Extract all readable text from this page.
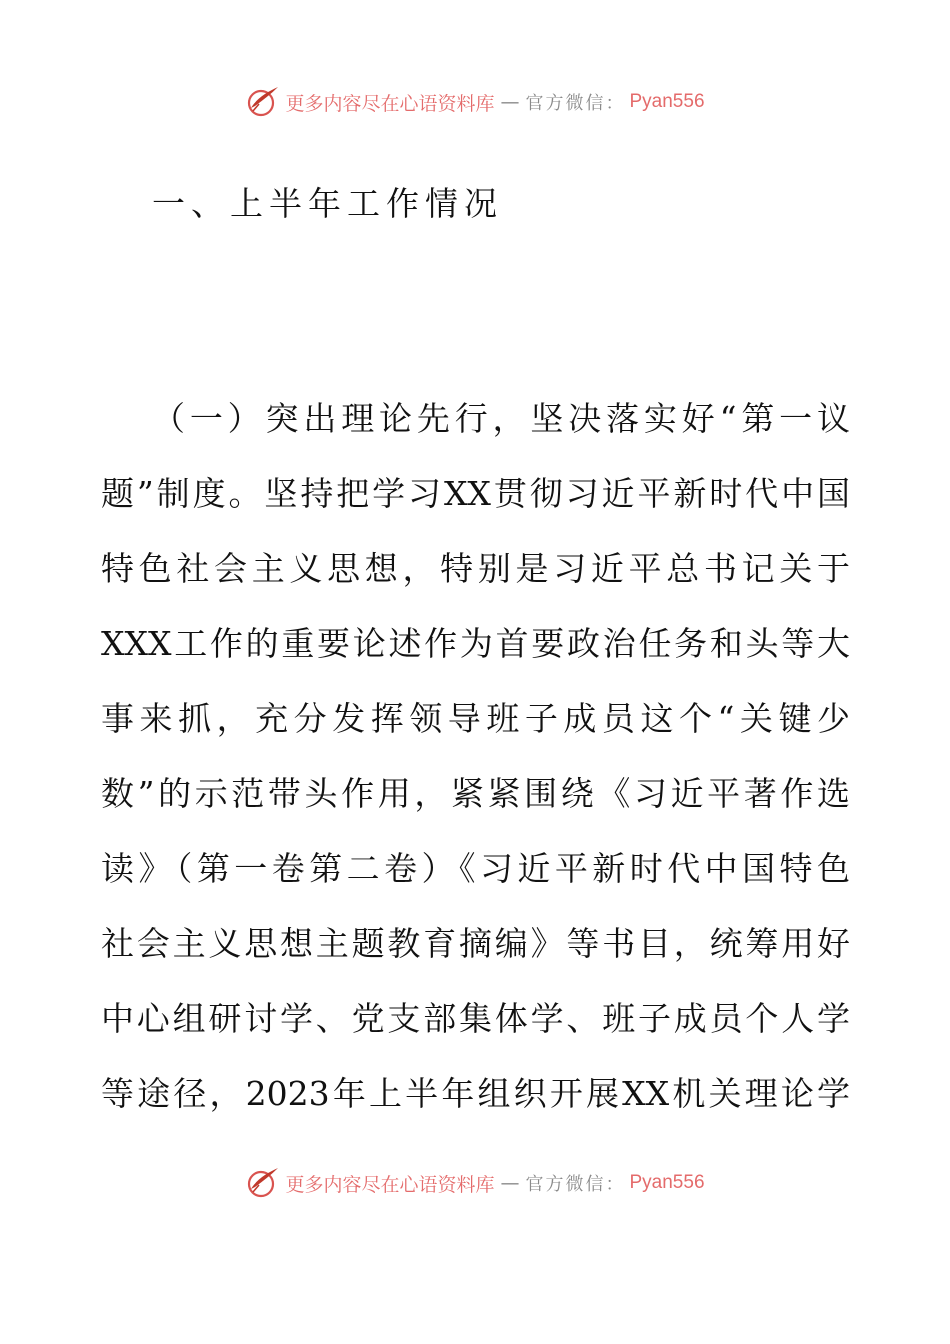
更多内容尽在心语资料库 — 官方微信： Pyan556
一、上半年工作情况
（一）突出理论先行，坚决落实好“第一议
题”制度。坚持把学习XX贯彻习近平新时代中国
特色社会主义思想，特别是习近平总书记关于
XXX工作的重要论述作为首要政治任务和头等大
事来抓，充分发挥领导班子成员这个“关键少
数”的示范带头作用，紧紧围绕《习近平著作选
读》（第一卷第二卷）《习近平新时代中国特色
社会主义思想主题教育摘编》等书目，统筹用好
中心组研讨学、党支部集体学、班子成员个人学
等途径，2023年上半年组织开展XX机关理论学
更多内容尽在心语资料库 — 官方微信： Pyan556
